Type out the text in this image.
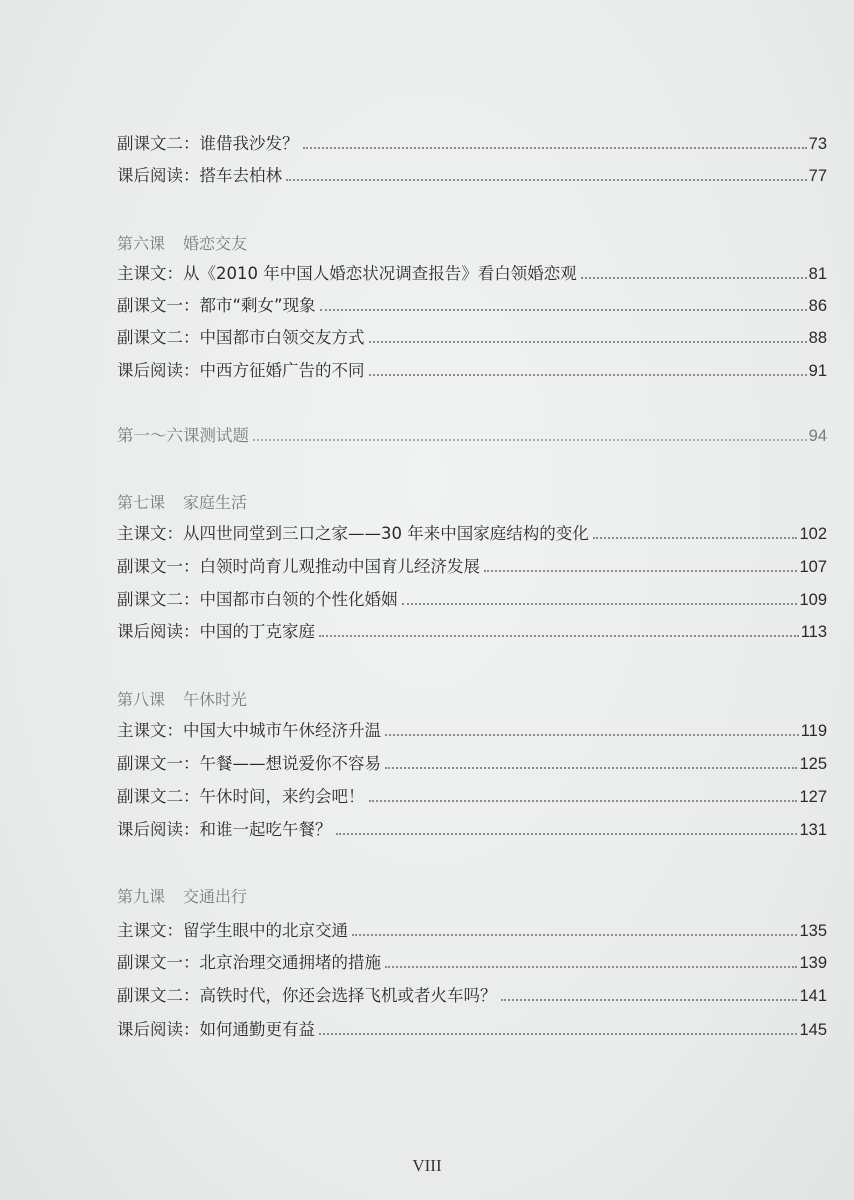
副课文二：谁借我沙发？	73
课后阅读：搭车去柏林	77
第六课 婚恋交友
主课文：从《2010 年中国人婚恋状况调查报告》看白领婚恋观	81
副课文一：都市“剩女”现象	86
副课文二：中国都市白领交友方式	88
课后阅读：中西方征婚广告的不同	91
第一～六课测试题	94
第七课 家庭生活
主课文：从四世同堂到三口之家——30 年来中国家庭结构的变化	102
副课文一：白领时尚育儿观推动中国育儿经济发展	107
副课文二：中国都市白领的个性化婚姻	109
课后阅读：中国的丁克家庭	113
第八课 午休时光
主课文：中国大中城市午休经济升温	119
副课文一：午餐——想说爱你不容易	125
副课文二：午休时间，来约会吧！	127
课后阅读：和谁一起吃午餐？	131
第九课 交通出行
主课文：留学生眼中的北京交通	135
副课文一：北京治理交通拥堵的措施	139
副课文二：高铁时代，你还会选择飞机或者火车吗？	141
课后阅读：如何通勤更有益	145
VIII
